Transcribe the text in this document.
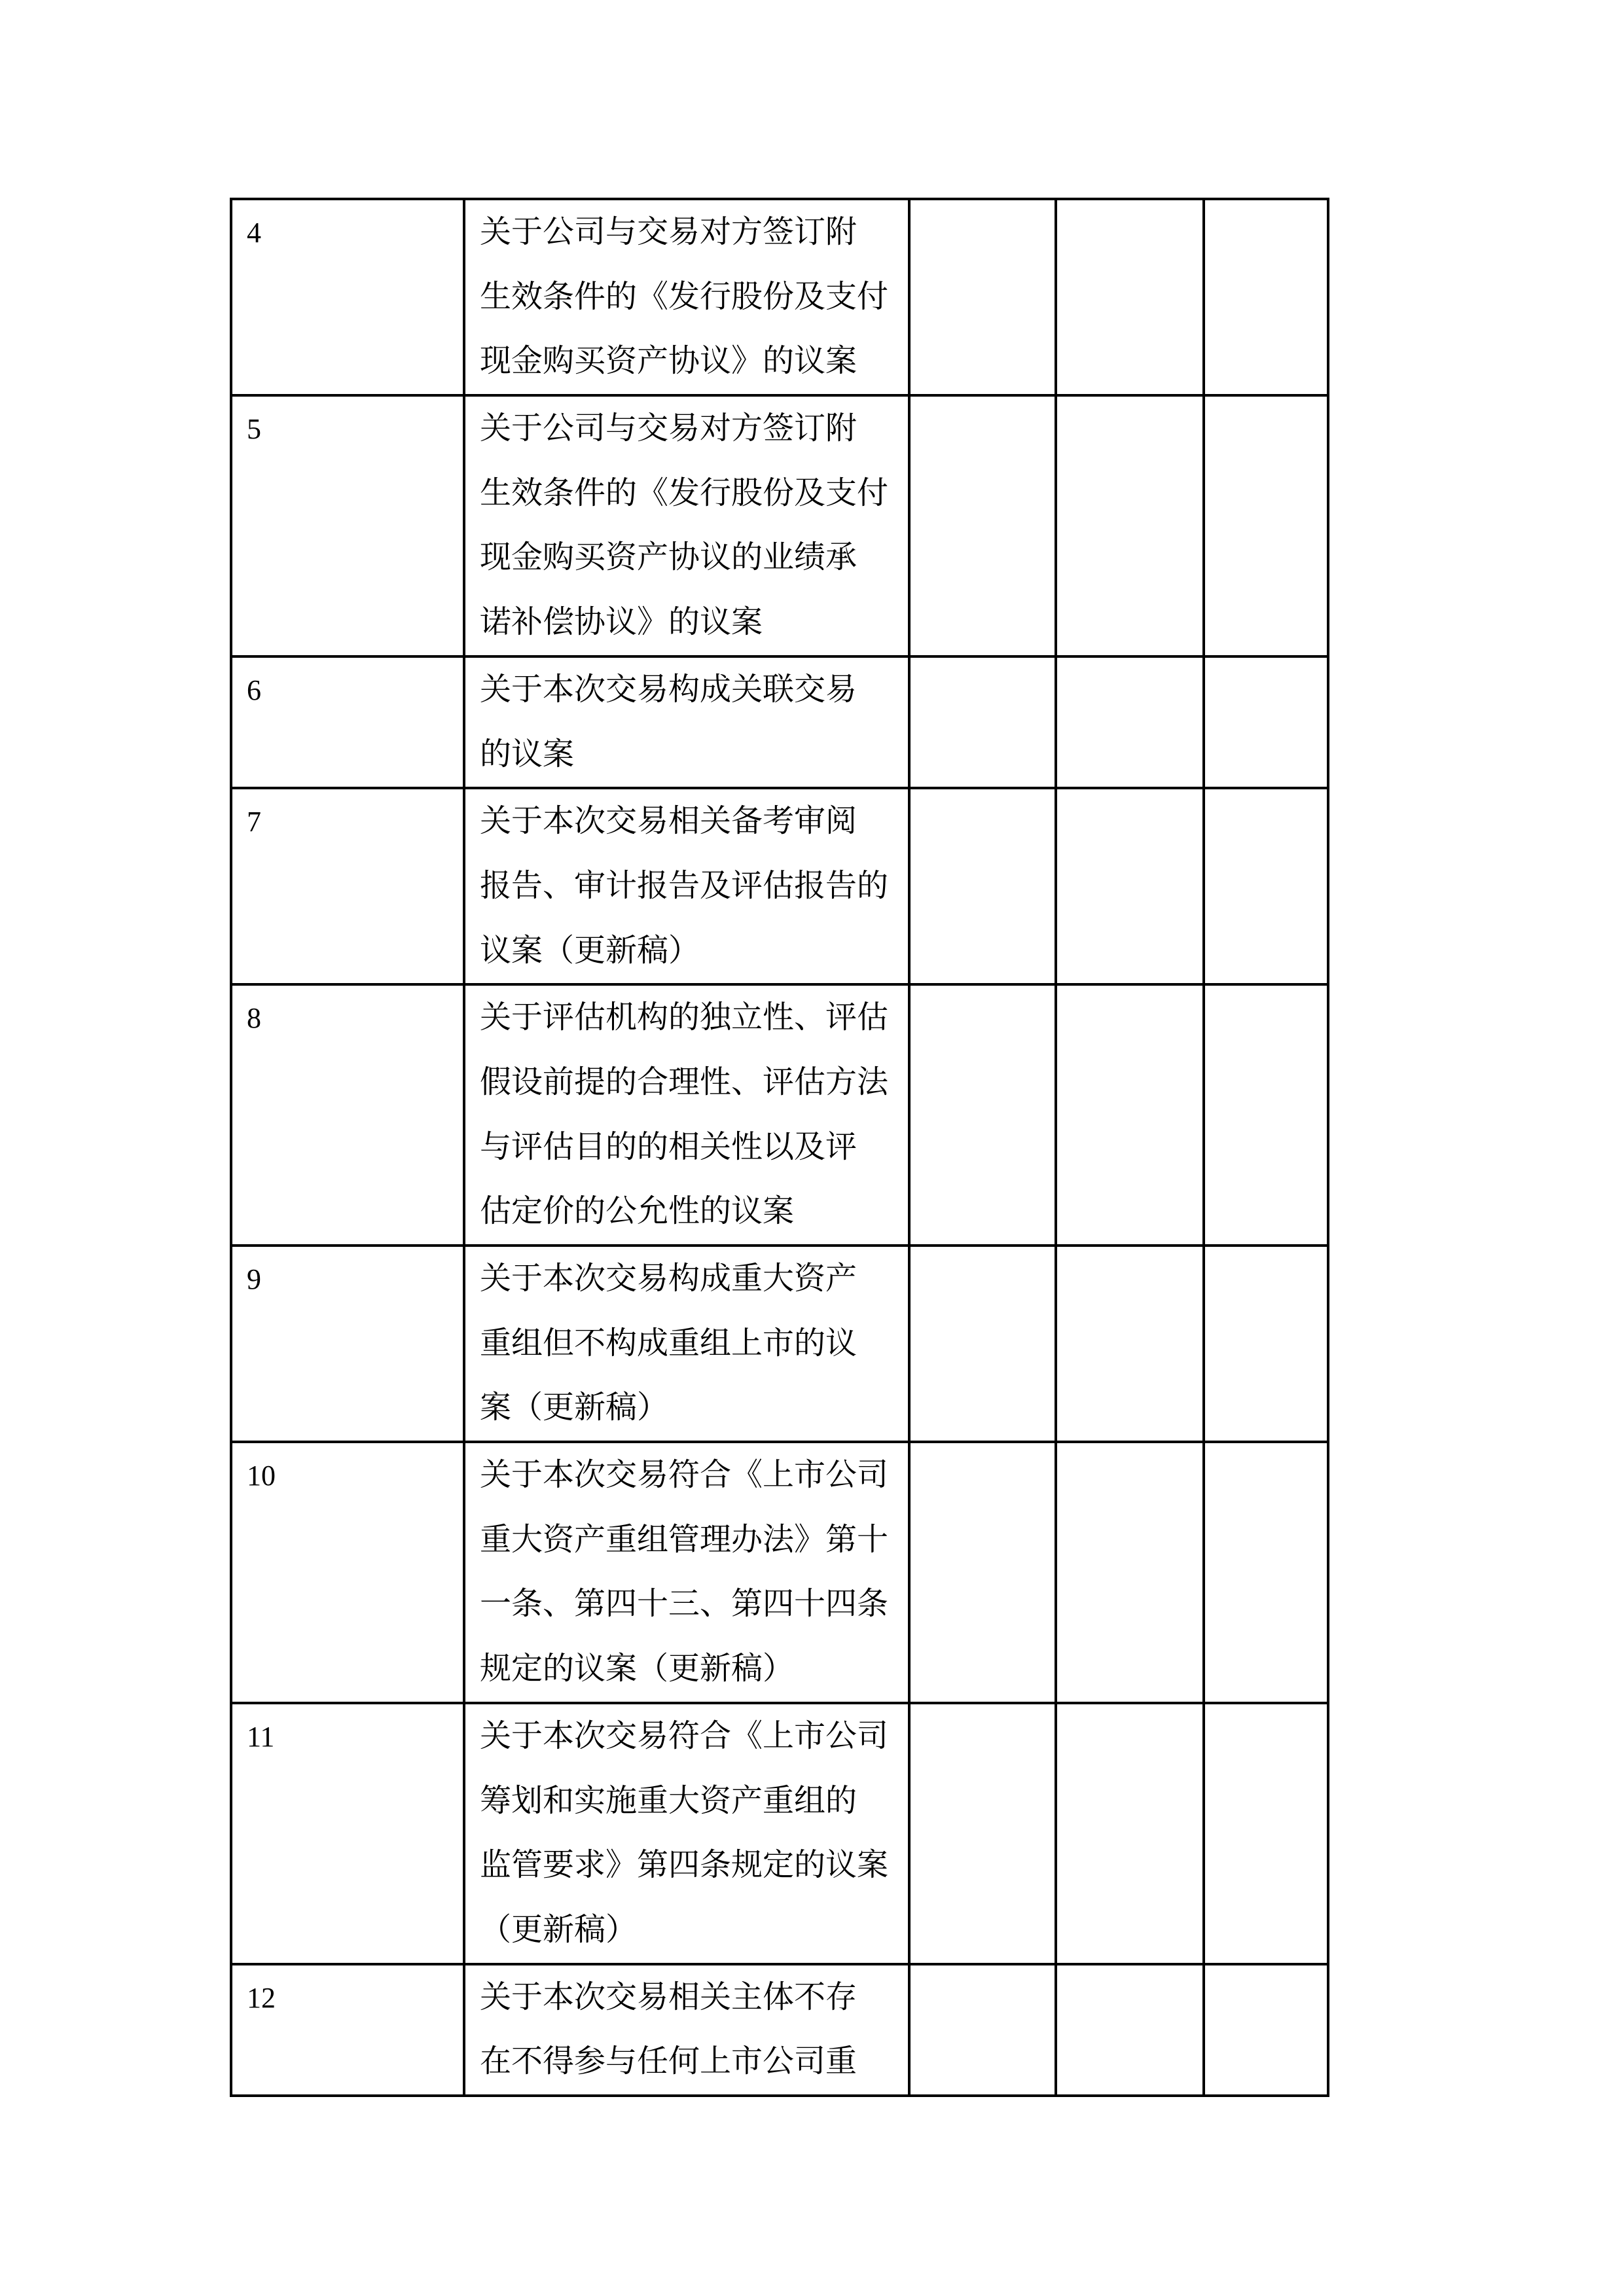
4	关于公司与交易对方签订附
生效条件的《发行股份及支付
现金购买资产协议》的议案			

5	关于公司与交易对方签订附
生效条件的《发行股份及支付
现金购买资产协议的业绩承
诺补偿协议》的议案			

6	关于本次交易构成关联交易
的议案			

7	关于本次交易相关备考审阅
报告、审计报告及评估报告的
议案（更新稿）			

8	关于评估机构的独立性、评估
假设前提的合理性、评估方法
与评估目的的相关性以及评
估定价的公允性的议案			

9	关于本次交易构成重大资产
重组但不构成重组上市的议
案（更新稿）			

10	关于本次交易符合《上市公司
重大资产重组管理办法》第十
一条、第四十三、第四十四条
规定的议案（更新稿）			

11	关于本次交易符合《上市公司
筹划和实施重大资产重组的
监管要求》第四条规定的议案
（更新稿）			

12	关于本次交易相关主体不存
在不得参与任何上市公司重			
